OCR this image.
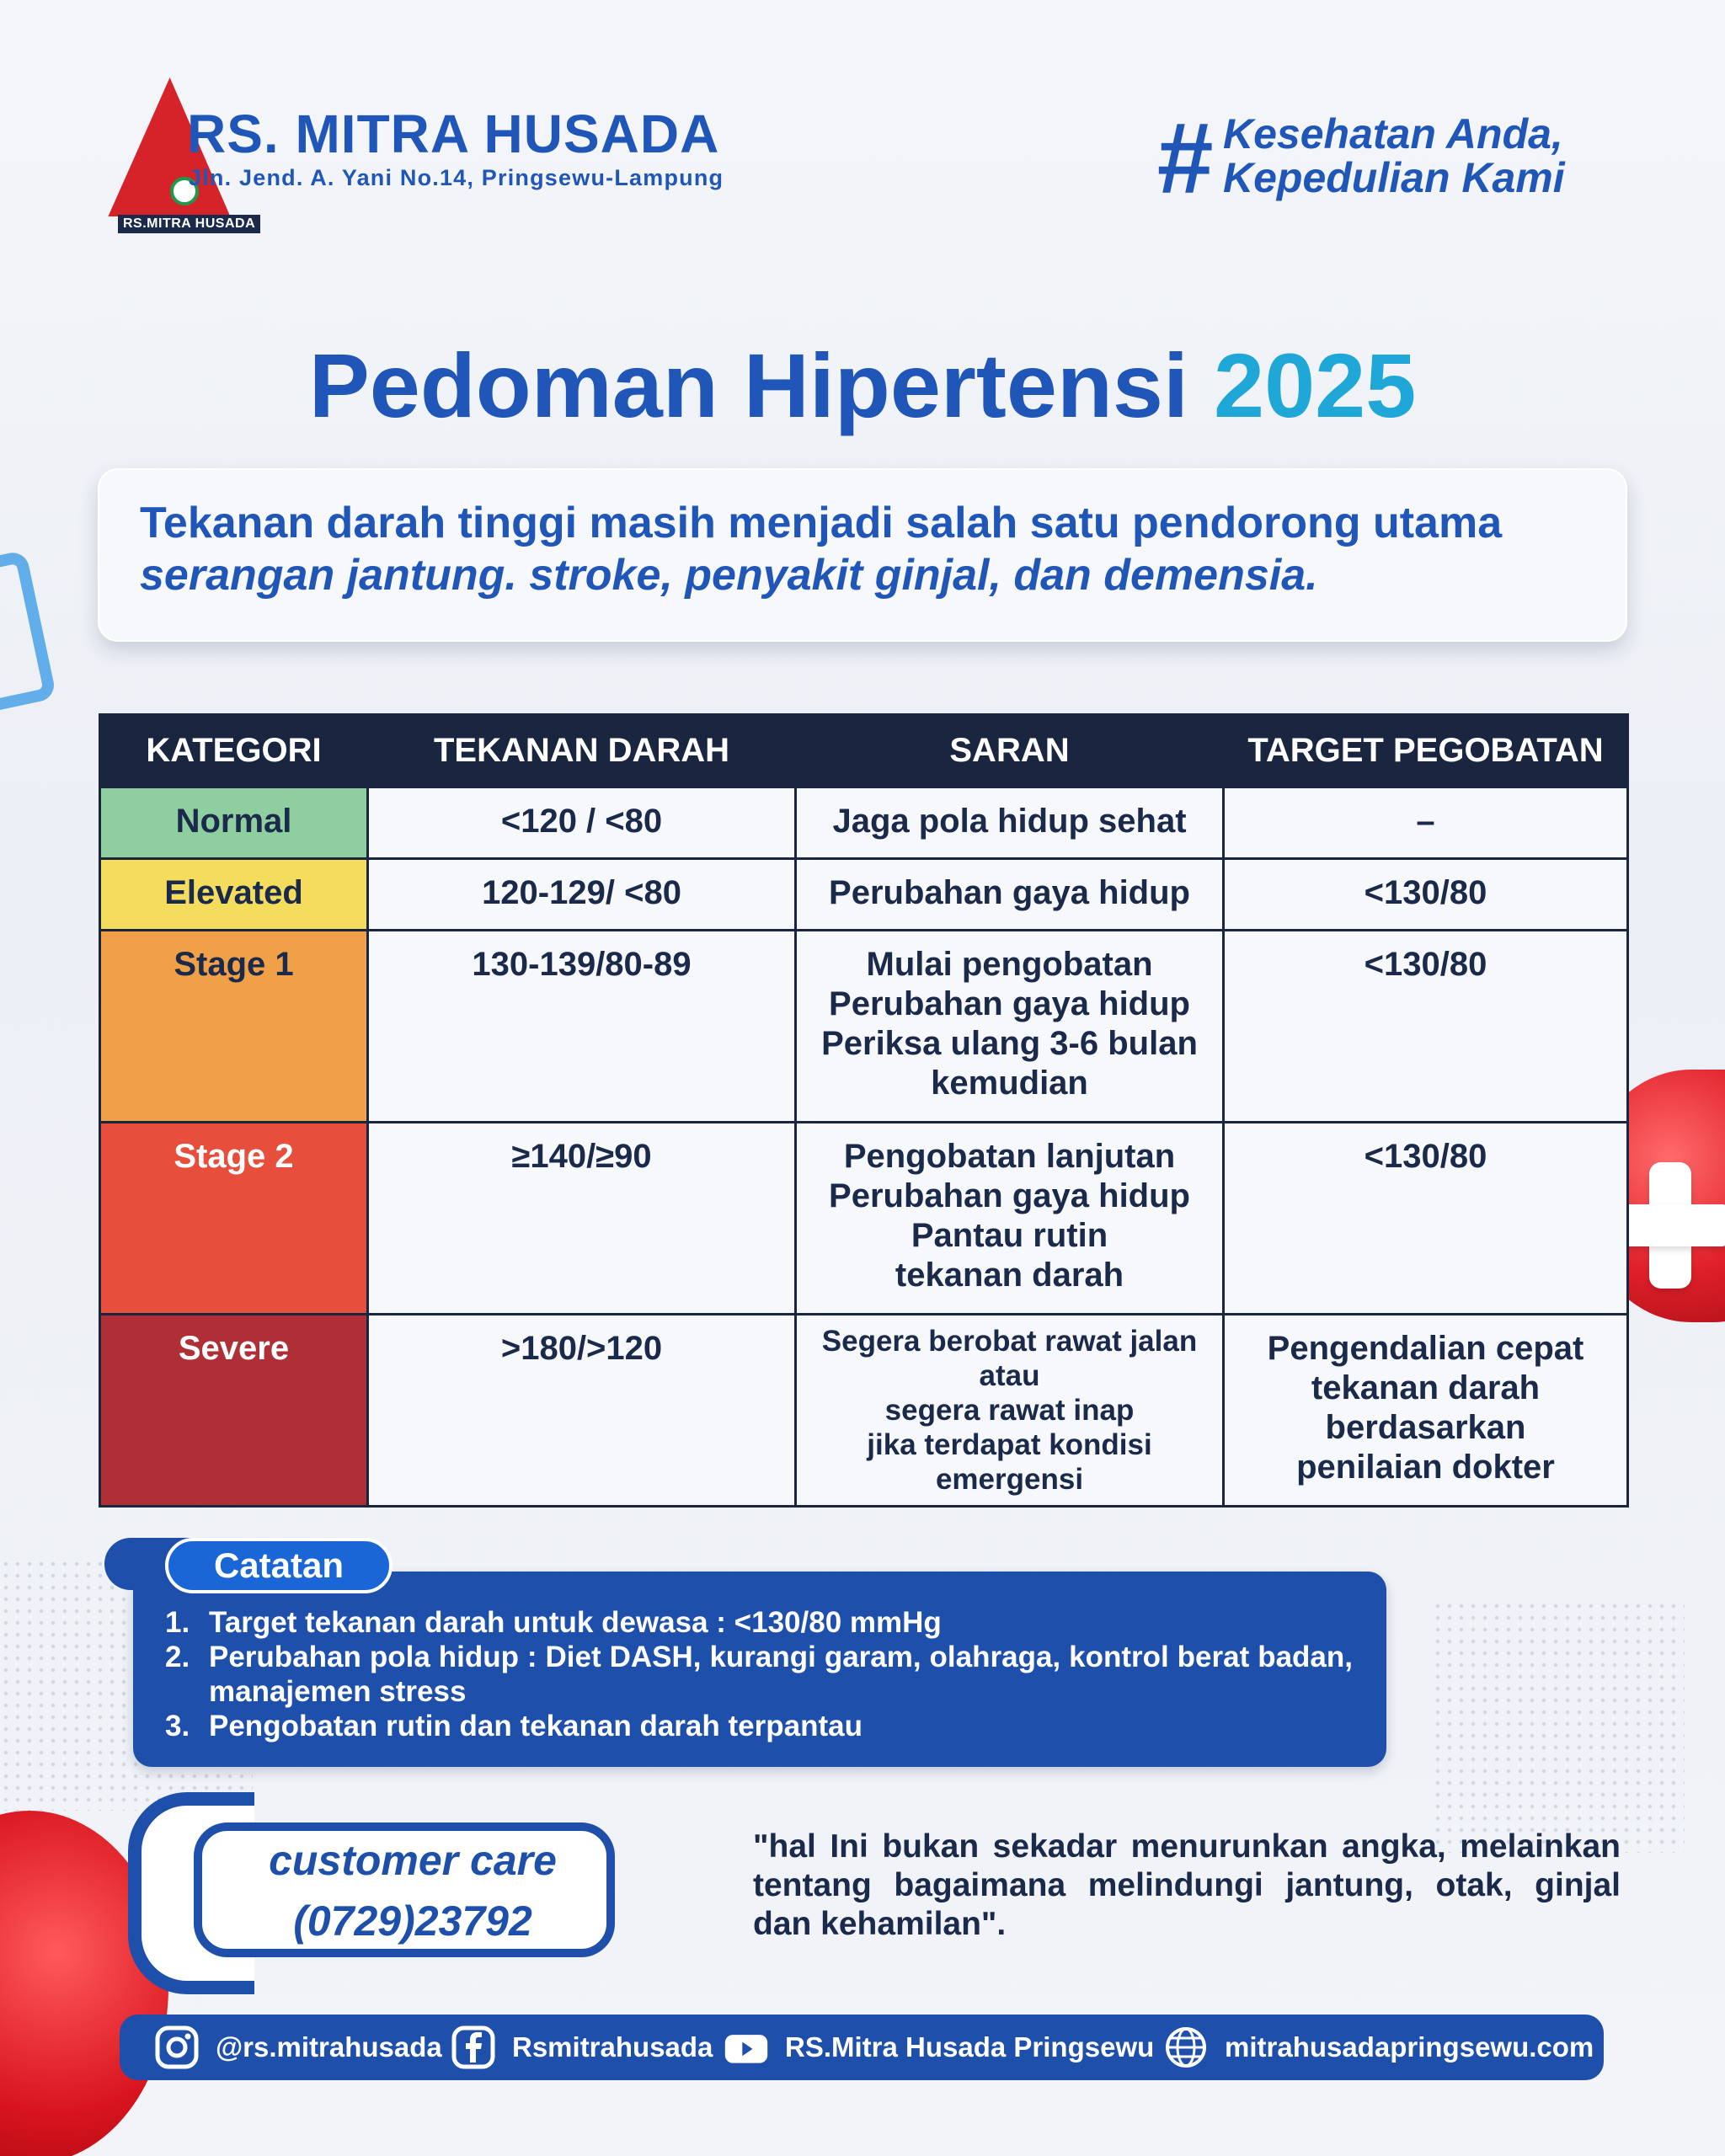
RS.MITRA HUSADA
RS. MITRA HUSADA
Jln. Jend. A. Yani No.14, Pringsewu-Lampung	# Kesehatan Anda,
Kepedulian Kami
Pedoman Hipertensi 2025

Tekanan darah tinggi masih menjadi salah satu pendorong utama

serangan jantung. stroke, penyakit ginjal, dan demensia.

KATEGORI	TEKANAN DARAH	SARAN	TARGET PEGOBATAN
Normal	<120 / <80	Jaga pola hidup sehat	–

Elevated	120-129/ <80	Perubahan gaya hidup	<130/80

Stage 1	130-139/80-89	Mulai pengobatan
Perubahan gaya hidup
Periksa ulang 3-6 bulan
kemudian	<130/80

Stage 2	≥140/≥90	Pengobatan lanjutan
Perubahan gaya hidup
Pantau rutin
tekanan darah	<130/80

Severe	>180/>120	Segera berobat rawat jalan
atau
segera rawat inap
jika terdapat kondisi
emergensi	Pengendalian cepat
tekanan darah
berdasarkan
penilaian dokter
1. Target tekanan darah untuk dewasa : <130/80 mmHg
2. Perubahan pola hidup : Diet DASH, kurangi garam, olahraga, kontrol berat badan, manajemen stress
3. Pengobatan rutin dan tekanan darah terpantau
Catatan
customer care
(0729)23792
"hal Ini bukan sekadar menurunkan angka, melainkan tentang bagaimana melindungi jantung, otak, ginjal dan kehamilan".
@rs.mitrahusada	Rsmitrahusada	RS.Mitra Husada Pringsewu	mitrahusadapringsewu.com
